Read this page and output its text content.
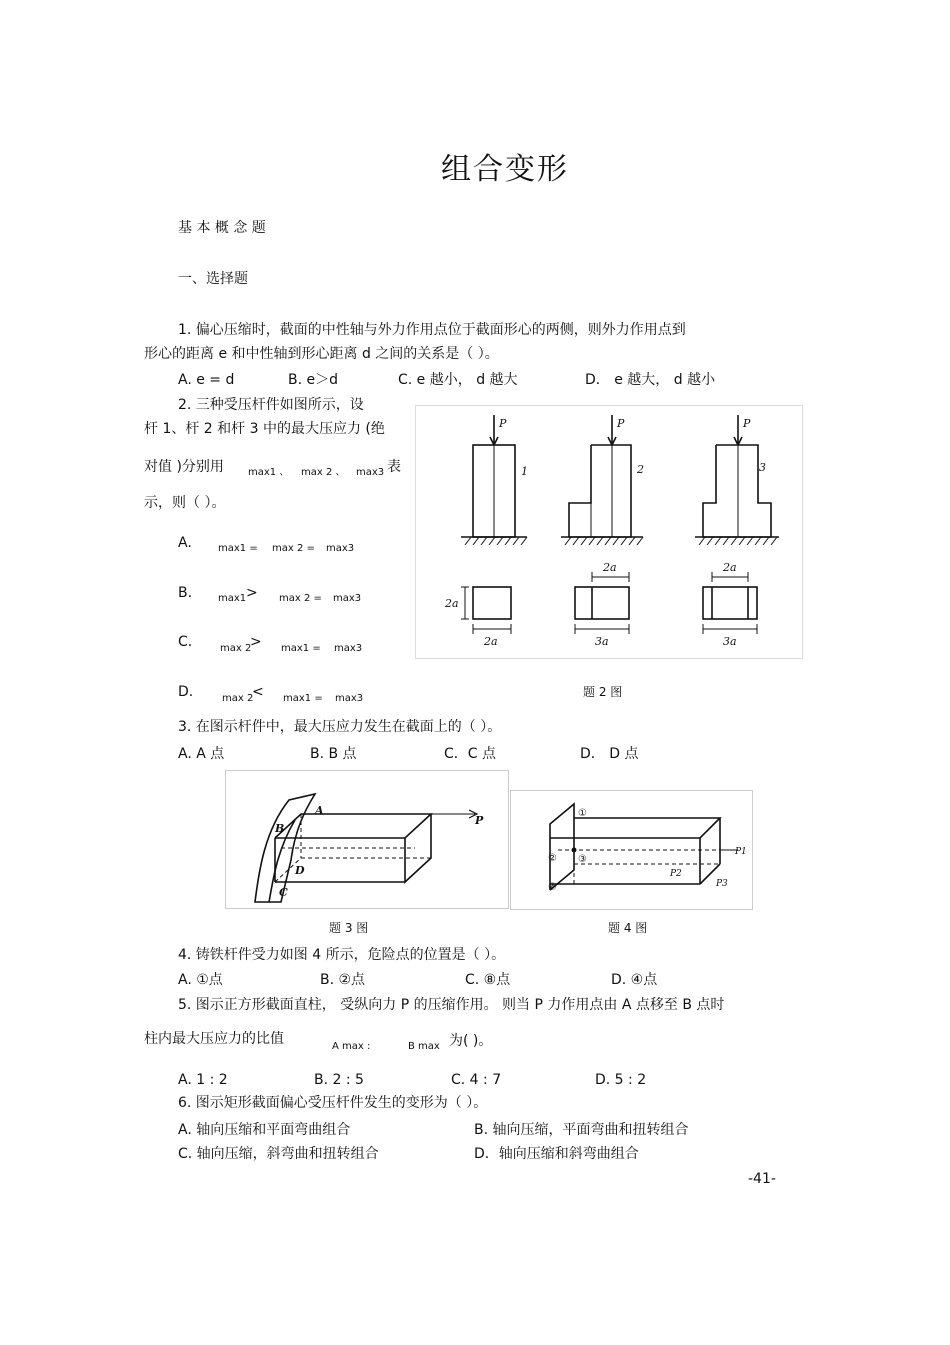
组合变形
基 本 概 念 题
一、选择题
1. 偏心压缩时，截面的中性轴与外力作用点位于截面形心的两侧，则外力作用点到
形心的距离 e 和中性轴到形心距离 d 之间的关系是（ ）。
A. e = d	B. e＞d	C. e 越小， d 越大	D． e 越大， d 越小
2. 三种受压杆件如图所示，设
杆 1、杆 2 和杆 3 中的最大压应力 (绝
对值 )分别用 max1 、 max 2 、 max3 表
示，则（ ）。
A.	max1 = max 2 = max3
B.	max1 > max 2 = max3
C.	max 2
> max1 = max3
D.	max 2
< max1 = max3
P	P	P
1	2	3
2a
2a
2a
3a
2a
3a
题 2 图
3. 在图示杆件中，最大压应力发生在截面上的（ ）。
A. A 点	B. B 点	C．C 点	D． D 点
A
B
C
D
P
①
② ③
④
P1
P2
P3
题 3 图	题 4 图
4. 铸铁杆件受力如图 4 所示，危险点的位置是（ ）。
A. ①点	B. ②点	C. ⑧点	D. ④点
5. 图示正方形截面直柱， 受纵向力 P 的压缩作用。 则当 P 力作用点由 A 点移至 B 点时
柱内最大压应力的比值	A max :	B max 为( )。
A. 1 : 2	B. 2 : 5	C. 4 : 7	D. 5 : 2
6. 图示矩形截面偏心受压杆件发生的变形为（ ）。
A. 轴向压缩和平面弯曲组合	B. 轴向压缩，平面弯曲和扭转组合
C. 轴向压缩，斜弯曲和扭转组合	D．轴向压缩和斜弯曲组合
-41-
